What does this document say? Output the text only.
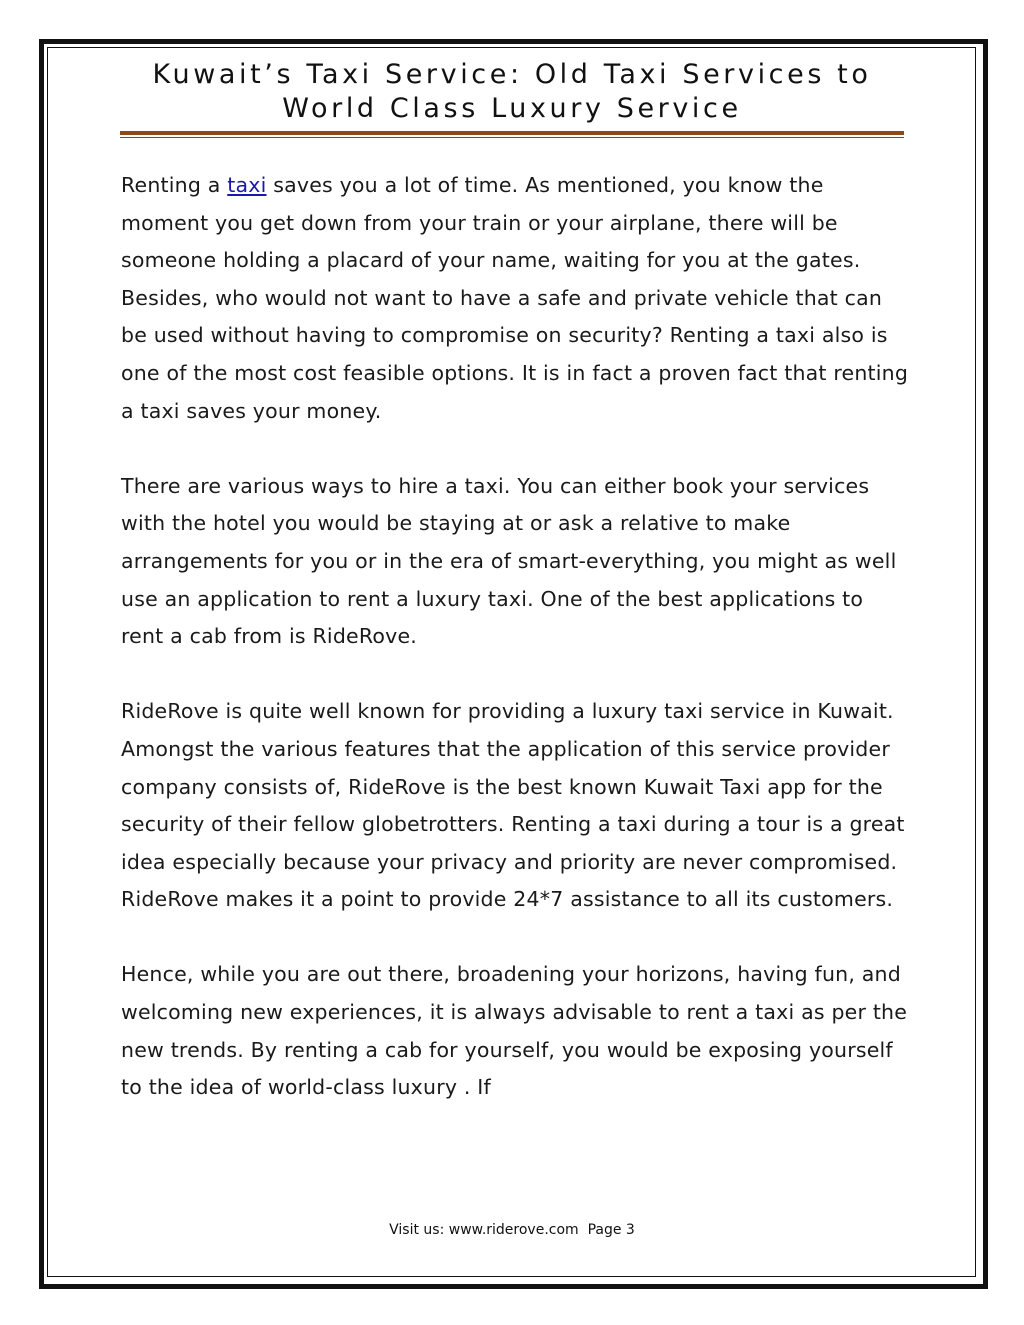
Kuwait’s Taxi Service: Old Taxi Services to
World Class Luxury Service

Renting a taxi saves you a lot of time. As mentioned, you know the moment you get down from your train or your airplane, there will be someone holding a placard of your name, waiting for you at the gates. Besides, who would not want to have a safe and private vehicle that can be used without having to compromise on security? Renting a taxi also is one of the most cost feasible options. It is in fact a proven fact that renting a taxi saves your money.

There are various ways to hire a taxi. You can either book your services with the hotel you would be staying at or ask a relative to make arrangements for you or in the era of smart-everything, you might as well use an application to rent a luxury taxi. One of the best applications to rent a cab from is RideRove.

RideRove is quite well known for providing a luxury taxi service in Kuwait. Amongst the various features that the application of this service provider company consists of, RideRove is the best known Kuwait Taxi app for the security of their fellow globetrotters. Renting a taxi during a tour is a great idea especially because your privacy and priority are never compromised. RideRove makes it a point to provide 24*7 assistance to all its customers.

Hence, while you are out there, broadening your horizons, having fun, and welcoming new experiences, it is always advisable to rent a taxi as per the new trends. By renting a cab for yourself, you would be exposing yourself to the idea of world-class luxury . If

Visit us: www.riderove.com Page 3
